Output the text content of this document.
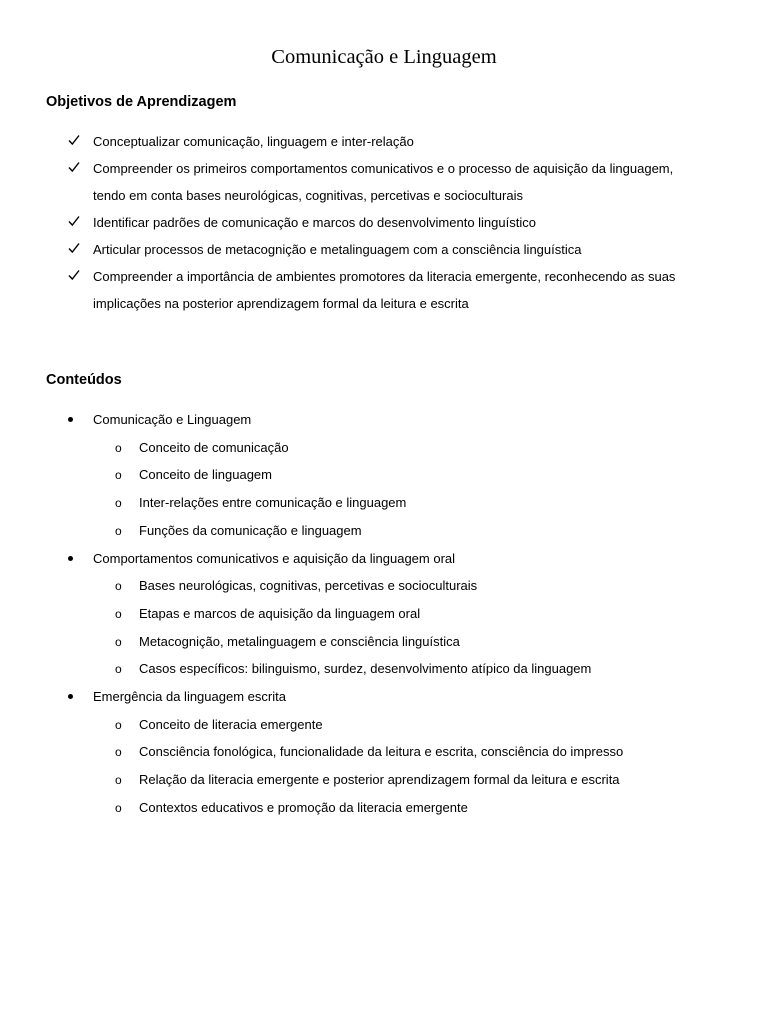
Comunicação e Linguagem
Objetivos de Aprendizagem
Conceptualizar comunicação, linguagem e inter-relação
Compreender os primeiros comportamentos comunicativos e o processo de aquisição da linguagem, tendo em conta bases neurológicas, cognitivas, percetivas e socioculturais
Identificar padrões de comunicação e marcos do desenvolvimento linguístico
Articular processos de metacognição e metalinguagem com a consciência linguística
Compreender a importância de ambientes promotores da literacia emergente, reconhecendo as suas implicações na posterior aprendizagem formal da leitura e escrita
Conteúdos
Comunicação e Linguagem
o Conceito de comunicação
o Conceito de linguagem
o Inter-relações entre comunicação e linguagem
o Funções da comunicação e linguagem
Comportamentos comunicativos e aquisição da linguagem oral
o Bases neurológicas, cognitivas, percetivas e socioculturais
o Etapas e marcos de aquisição da linguagem oral
o Metacognição, metalinguagem e consciência linguística
o Casos específicos: bilinguismo, surdez, desenvolvimento atípico da linguagem
Emergência da linguagem escrita
o Conceito de literacia emergente
o Consciência fonológica, funcionalidade da leitura e escrita, consciência do impresso
o Relação da literacia emergente e posterior aprendizagem formal da leitura e escrita
o Contextos educativos e promoção da literacia emergente
